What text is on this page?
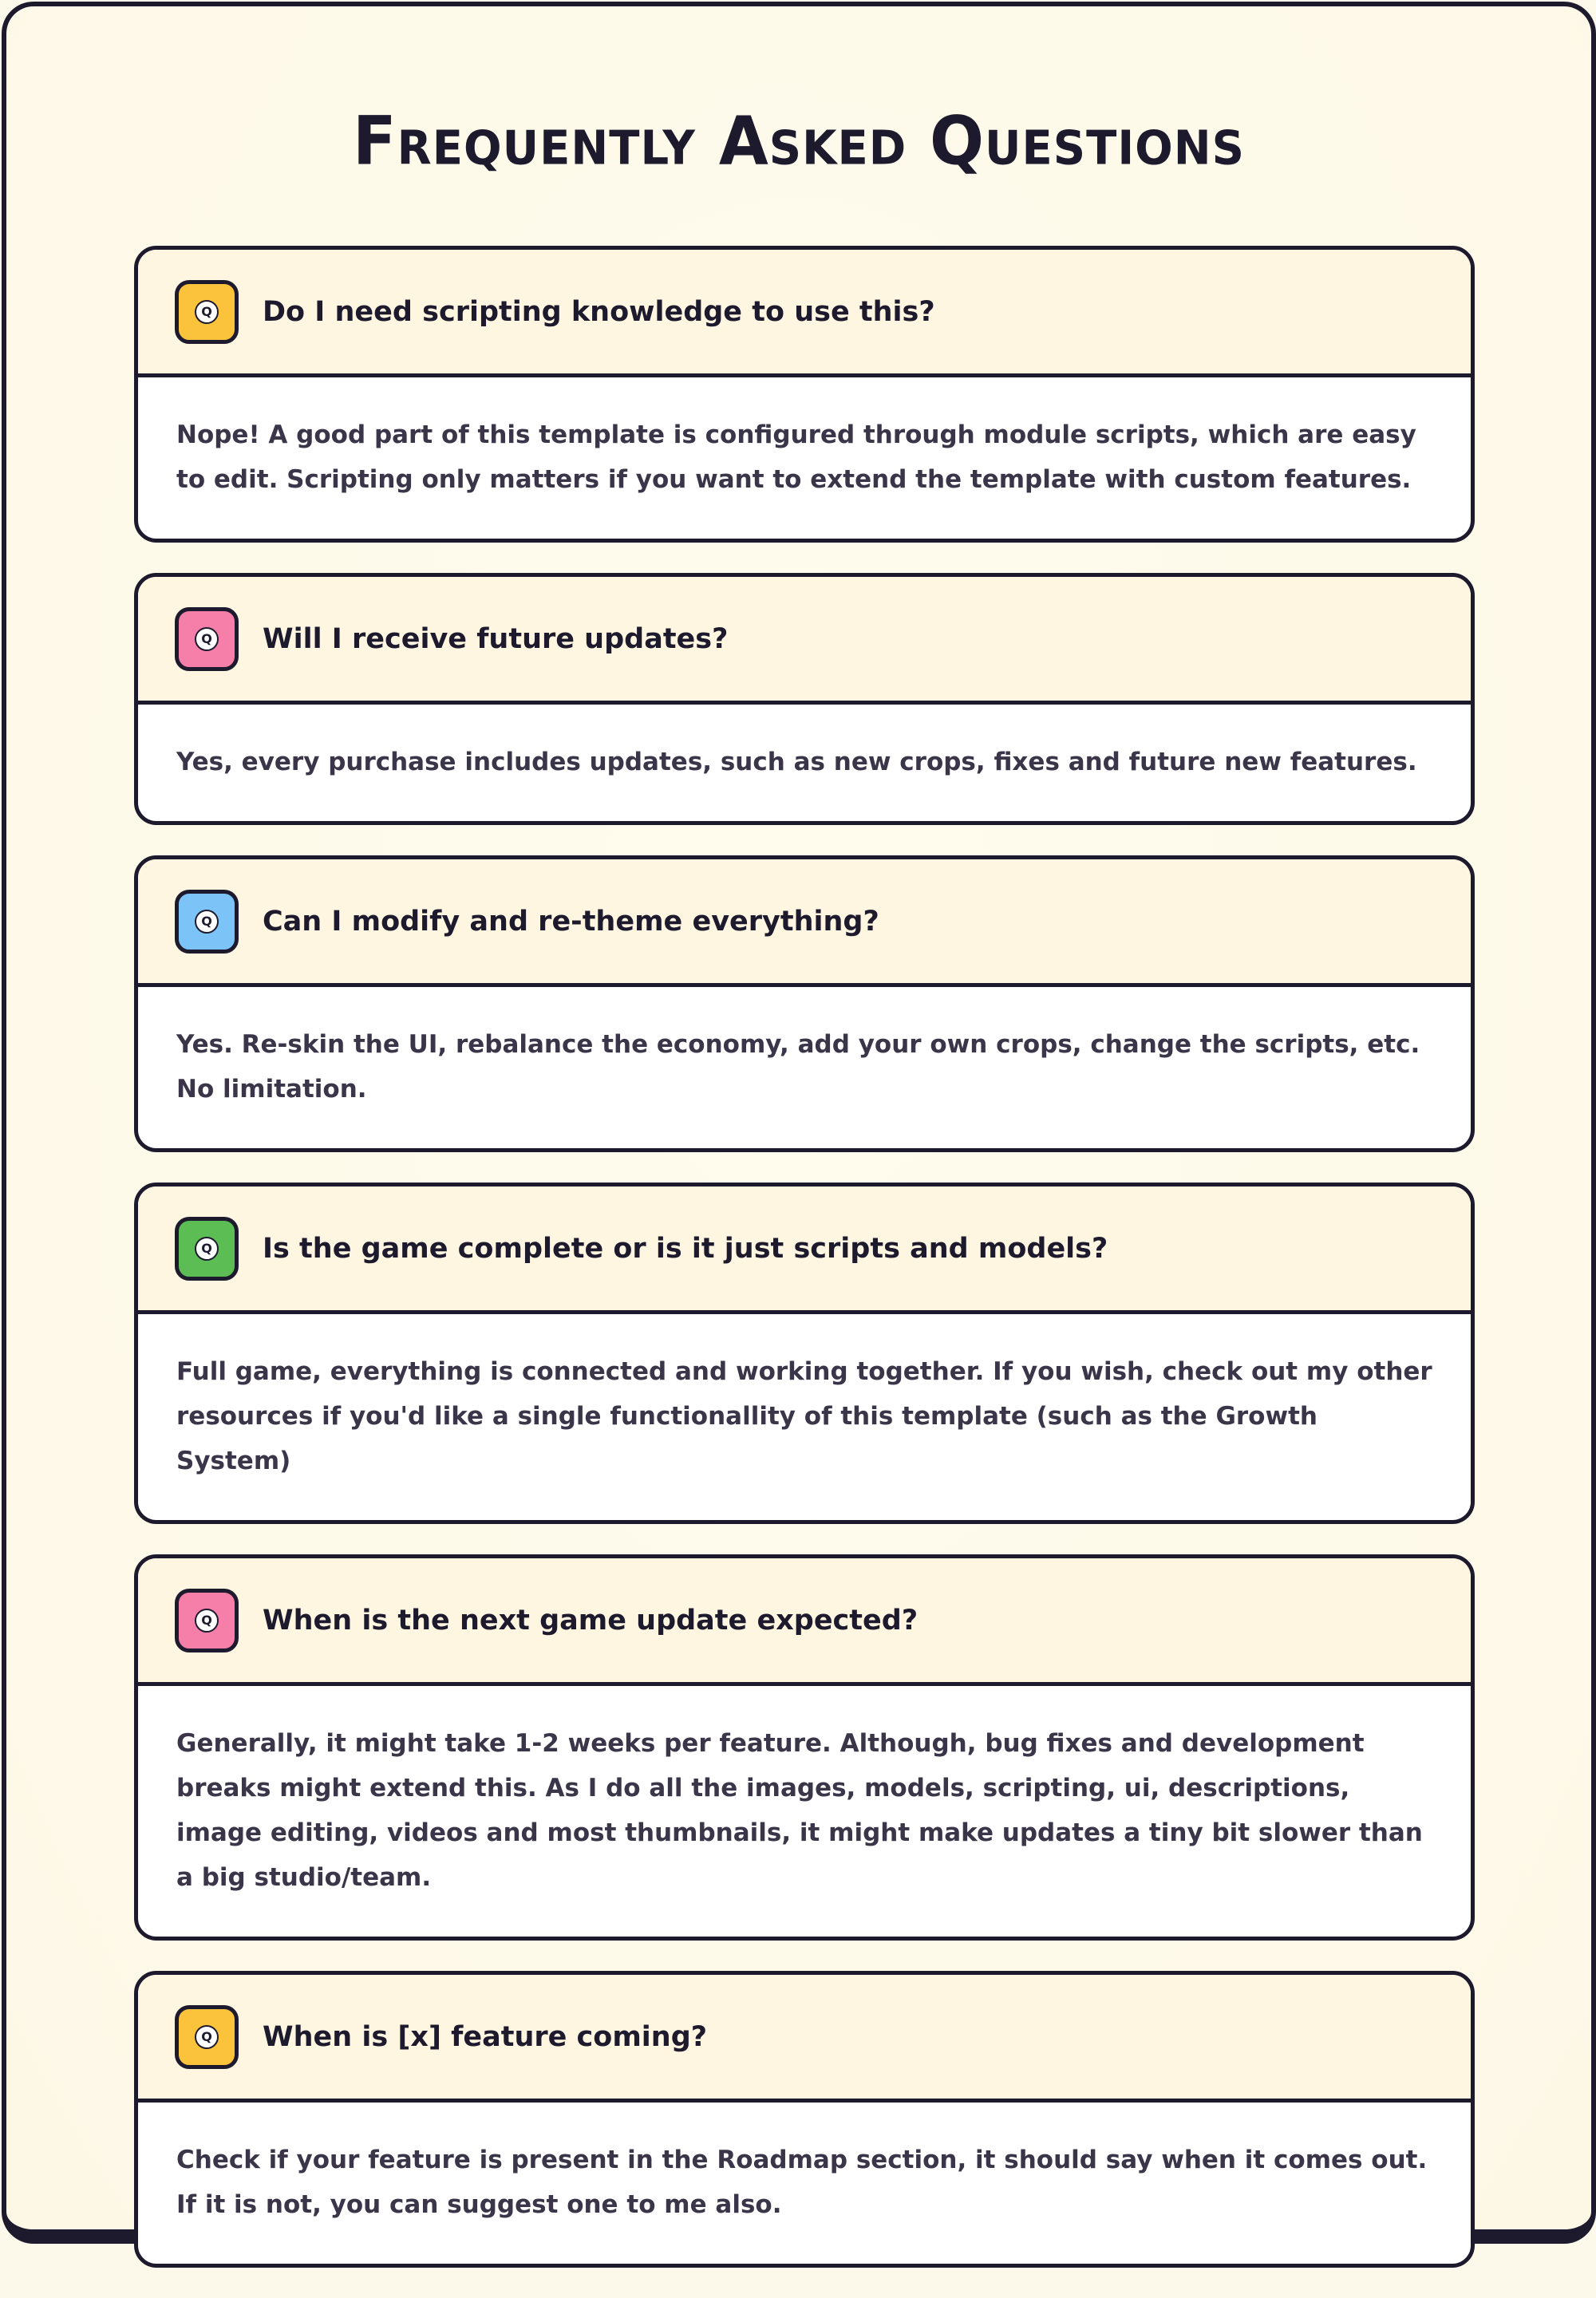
Frequently Asked Questions
Q Do I need scripting knowledge to use this?
Nope! A good part of this template is configured through module scripts, which are easy to edit. Scripting only matters if you want to extend the template with custom features.
Q Will I receive future updates?
Yes, every purchase includes updates, such as new crops, fixes and future new features.
Q Can I modify and re-theme everything?
Yes. Re-skin the UI, rebalance the economy, add your own crops, change the scripts, etc. No limitation.
Q Is the game complete or is it just scripts and models?
Full game, everything is connected and working together. If you wish, check out my other resources if you'd like a single functionallity of this template (such as the Growth System)
Q When is the next game update expected?
Generally, it might take 1-2 weeks per feature. Although, bug fixes and development breaks might extend this. As I do all the images, models, scripting, ui, descriptions, image editing, videos and most thumbnails, it might make updates a tiny bit slower than a big studio/team.
Q When is [x] feature coming?
Check if your feature is present in the Roadmap section, it should say when it comes out. If it is not, you can suggest one to me also.
